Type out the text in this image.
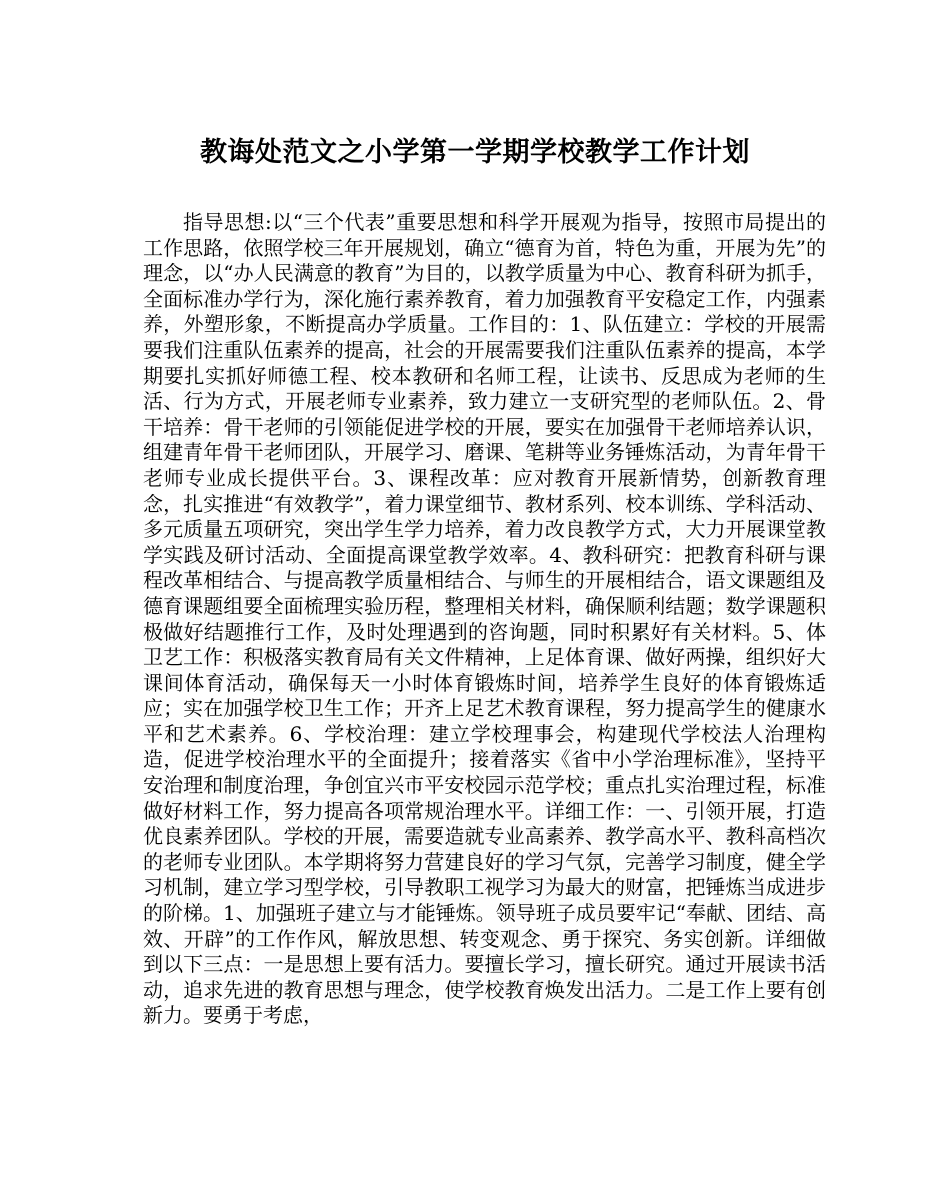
教诲处范文之小学第一学期学校教学工作计划

指导思想:以“三个代表”重要思想和科学开展观为指导，按照市局提出的工作思路，依照学校三年开展规划，确立“德育为首，特色为重，开展为先”的理念，以“办人民满意的教育”为目的，以教学质量为中心、教育科研为抓手，全面标准办学行为，深化施行素养教育，着力加强教育平安稳定工作，内强素养，外塑形象，不断提高办学质量。工作目的：1、队伍建立：学校的开展需要我们注重队伍素养的提高，社会的开展需要我们注重队伍素养的提高，本学期要扎实抓好师德工程、校本教研和名师工程，让读书、反思成为老师的生活、行为方式，开展老师专业素养，致力建立一支研究型的老师队伍。2、骨干培养：骨干老师的引领能促进学校的开展，要实在加强骨干老师培养认识，组建青年骨干老师团队，开展学习、磨课、笔耕等业务锤炼活动，为青年骨干老师专业成长提供平台。3、课程改革：应对教育开展新情势，创新教育理念，扎实推进“有效教学”，着力课堂细节、教材系列、校本训练、学科活动、多元质量五项研究，突出学生学力培养，着力改良教学方式，大力开展课堂教学实践及研讨活动、全面提高课堂教学效率。4、教科研究：把教育科研与课程改革相结合、与提高教学质量相结合、与师生的开展相结合，语文课题组及德育课题组要全面梳理实验历程，整理相关材料，确保顺利结题；数学课题积极做好结题推行工作，及时处理遇到的咨询题，同时积累好有关材料。5、体卫艺工作：积极落实教育局有关文件精神，上足体育课、做好两操，组织好大课间体育活动，确保每天一小时体育锻炼时间，培养学生良好的体育锻炼适应；实在加强学校卫生工作；开齐上足艺术教育课程，努力提高学生的健康水平和艺术素养。6、学校治理：建立学校理事会，构建现代学校法人治理构造，促进学校治理水平的全面提升；接着落实《省中小学治理标准》，坚持平安治理和制度治理，争创宜兴市平安校园示范学校；重点扎实治理过程，标准做好材料工作，努力提高各项常规治理水平。详细工作：一、引领开展，打造优良素养团队。学校的开展，需要造就专业高素养、教学高水平、教科高档次的老师专业团队。本学期将努力营建良好的学习气氛，完善学习制度，健全学习机制，建立学习型学校，引导教职工视学习为最大的财富，把锤炼当成进步的阶梯。1、加强班子建立与才能锤炼。领导班子成员要牢记“奉献、团结、高效、开辟”的工作作风，解放思想、转变观念、勇于探究、务实创新。详细做到以下三点：一是思想上要有活力。要擅长学习，擅长研究。通过开展读书活动，追求先进的教育思想与理念，使学校教育焕发出活力。二是工作上要有创新力。要勇于考虑，
